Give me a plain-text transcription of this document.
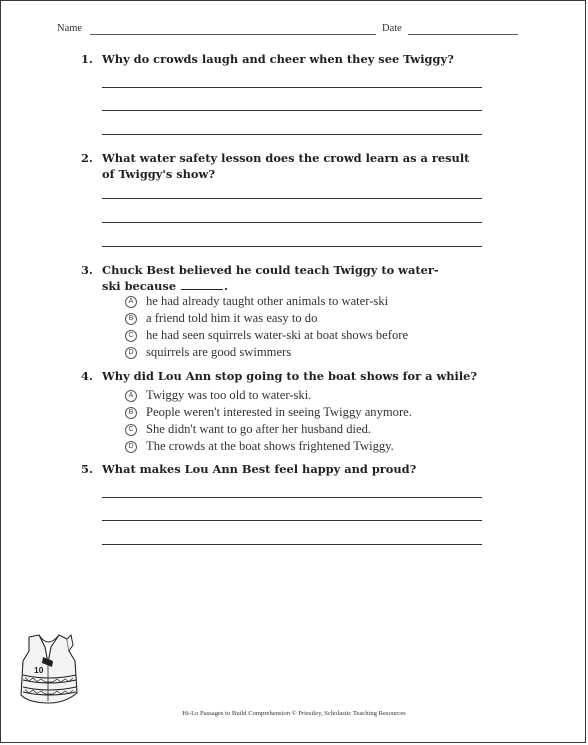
Name	Date
1. Why do crowds laugh and cheer when they see Twiggy?
2. What water safety lesson does the crowd learn as a result of Twiggy's show?
3. Chuck Best believed he could teach Twiggy to water-ski because	.
A he had already taught other animals to water-ski
B a friend told him it was easy to do
C he had seen squirrels water-ski at boat shows before
D squirrels are good swimmers
4. Why did Lou Ann stop going to the boat shows for a while?
A Twiggy was too old to water-ski.
B People weren't interested in seeing Twiggy anymore.
C She didn't want to go after her husband died.
D The crowds at the boat shows frightened Twiggy.
5. What makes Lou Ann Best feel happy and proud?
10
Hi-Lo Passages to Build Comprehension © Priestley, Scholastic Teaching Resources
